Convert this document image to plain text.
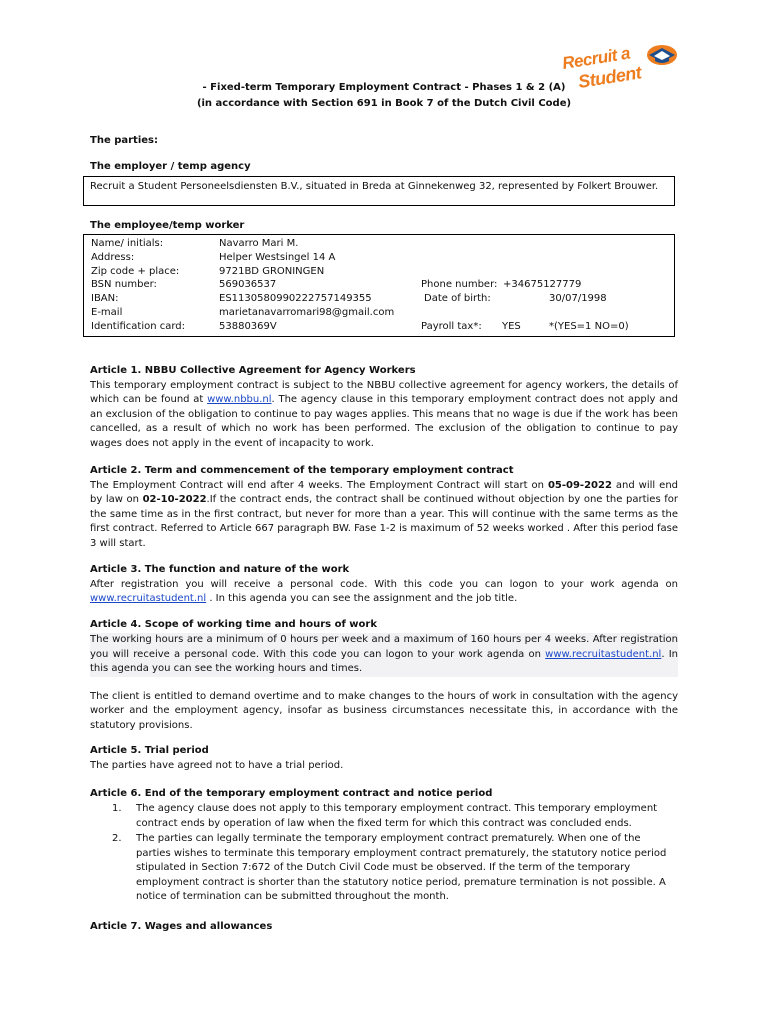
Recruit a
Student
- Fixed-term Temporary Employment Contract - Phases 1 & 2 (A)
(in accordance with Section 691 in Book 7 of the Dutch Civil Code)
The parties:
The employer / temp agency
Recruit a Student Personeelsdiensten B.V., situated in Breda at Ginnekenweg 32, represented by Folkert Brouwer.
The employee/temp worker
Name/ initials:	Navarro Mari M.
Address:	Helper Westsingel 14 A
Zip code + place:	9721BD GRONINGEN
BSN number:	569036537	Phone number: +34675127779
IBAN:	ES1130580990222757149355	Date of birth:	30/07/1998
E-mail	marietanavarromari98@gmail.com
Identification card:	53880369V	Payroll tax*: YES	*(YES=1 NO=0)
Article 1. NBBU Collective Agreement for Agency Workers
This temporary employment contract is subject to the NBBU collective agreement for agency workers, the details of which can be found at www.nbbu.nl. The agency clause in this temporary employment contract does not apply and an exclusion of the obligation to continue to pay wages applies. This means that no wage is due if the work has been cancelled, as a result of which no work has been performed. The exclusion of the obligation to continue to pay wages does not apply in the event of incapacity to work.
Article 2. Term and commencement of the temporary employment contract
The Employment Contract will end after 4 weeks. The Employment Contract will start on 05-09-2022 and will end by law on 02-10-2022.If the contract ends, the contract shall be continued without objection by one the parties for the same time as in the first contract, but never for more than a year. This will continue with the same terms as the first contract. Referred to Article 667 paragraph BW. Fase 1-2 is maximum of 52 weeks worked . After this period fase 3 will start.
Article 3. The function and nature of the work
After registration you will receive a personal code. With this code you can logon to your work agenda on www.recruitastudent.nl . In this agenda you can see the assignment and the job title.
Article 4. Scope of working time and hours of work
The working hours are a minimum of 0 hours per week and a maximum of 160 hours per 4 weeks. After registration you will receive a personal code. With this code you can logon to your work agenda on www.recruitastudent.nl. In this agenda you can see the working hours and times.
The client is entitled to demand overtime and to make changes to the hours of work in consultation with the agency worker and the employment agency, insofar as business circumstances necessitate this, in accordance with the statutory provisions.
Article 5. Trial period
The parties have agreed not to have a trial period.
Article 6. End of the temporary employment contract and notice period
1. The agency clause does not apply to this temporary employment contract. This temporary employment contract ends by operation of law when the fixed term for which this contract was concluded ends.
2. The parties can legally terminate the temporary employment contract prematurely. When one of the parties wishes to terminate this temporary employment contract prematurely, the statutory notice period stipulated in Section 7:672 of the Dutch Civil Code must be observed. If the term of the temporary employment contract is shorter than the statutory notice period, premature termination is not possible. A notice of termination can be submitted throughout the month.
Article 7. Wages and allowances
